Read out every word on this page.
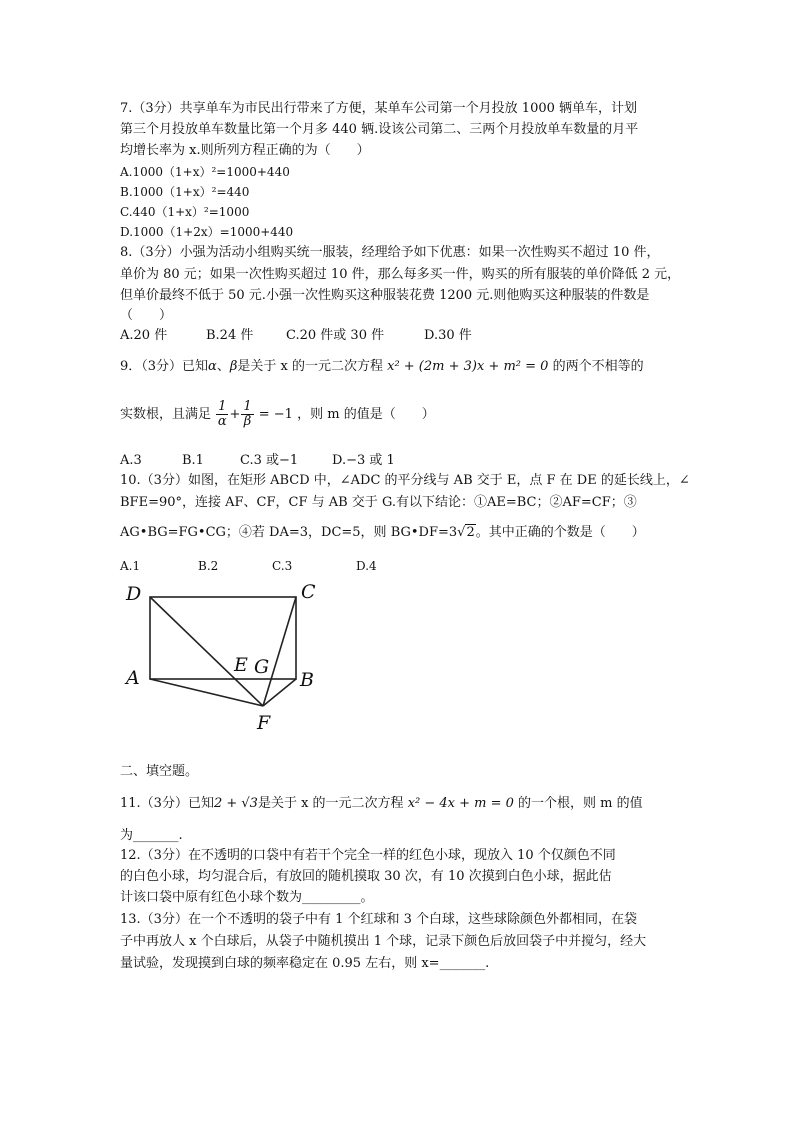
7.（3分）共享单车为市民出行带来了方便，某单车公司第一个月投放 1000 辆单车，计划
第三个月投放单车数量比第一个月多 440 辆.设该公司第二、三两个月投放单车数量的月平
均增长率为 x.则所列方程正确的为（　　）
A.1000（1+x）²=1000+440
B.1000（1+x）²=440
C.440（1+x）²=1000
D.1000（1+2x）=1000+440
8.（3分）小强为活动小组购买统一服装，经理给予如下优惠：如果一次性购买不超过 10 件，
单价为 80 元；如果一次性购买超过 10 件，那么每多买一件，购买的所有服装的单价降低 2 元，
但单价最终不低于 50 元.小强一次性购买这种服装花费 1200 元.则他购买这种服装的件数是
（　　）
A.20 件	B.24 件	C.20 件或 30 件	D.30 件
9．（3分）已知α、β是关于 x 的一元二次方程 x² + (2m + 3)x + m² = 0 的两个不相等的
实数根，且满足 $\frac{1}{\alpha} + \frac{1}{\beta} = -1$ ，则 m 的值是（　　）
A.3	B.1	C.3 或−1	D.−3 或 1
10.（3分）如图，在矩形 ABCD 中，∠ADC 的平分线与 AB 交于 E，点 F 在 DE 的延长线上，∠
BFE=90°，连接 AF、CF，CF 与 AB 交于 G.有以下结论：①AE=BC；②AF=CF；③
AG•BG=FG•CG；④若 DA=3，DC=5，则 BG•DF=3√2。其中正确的个数是（　　）
A.1	B.2	C.3	D.4
D	C
A	B
E G
F
二、填空题。
11.（3分）已知2 + √3是关于 x 的一元二次方程 x² − 4x + m = 0 的一个根，则 m 的值
为_______.
12.（3分）在不透明的口袋中有若干个完全一样的红色小球，现放入 10 个仅颜色不同
的白色小球，均匀混合后，有放回的随机摸取 30 次，有 10 次摸到白色小球，据此估
计该口袋中原有红色小球个数为_________。
13.（3分）在一个不透明的袋子中有 1 个红球和 3 个白球，这些球除颜色外都相同，在袋
子中再放人 x 个白球后，从袋子中随机摸出 1 个球，记录下颜色后放回袋子中并搅匀，经大
量试验，发现摸到白球的频率稳定在 0.95 左右，则 x=_______.
